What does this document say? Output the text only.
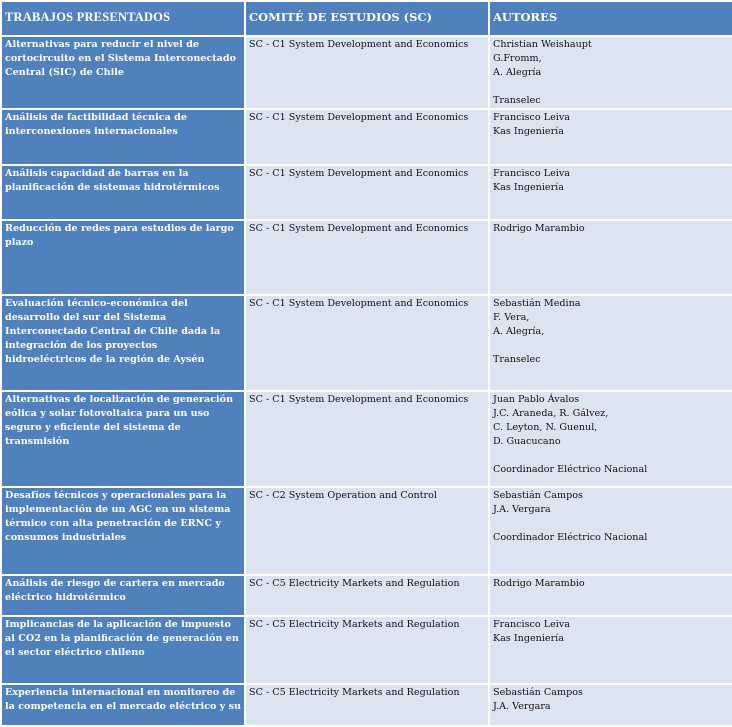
TRABAJOS PRESENTADOS	COMITÉ DE ESTUDIOS (SC)	AUTORES
Alternativas para reducir el nivel de cortocircuito en el Sistema Interconectado Central (SIC) de Chile	SC - C1 System Development and Economics	Christian Weishaupt
G.Fromm,
A. Alegría
Transelec

Análisis de factibilidad técnica de interconexiones internacionales	SC - C1 System Development and Economics	Francisco Leiva
Kas Ingeniería

Análisis capacidad de barras en la planificación de sistemas hidrotérmicos	SC - C1 System Development and Economics	Francisco Leiva
Kas Ingeniería

Reducción de redes para estudios de largo plazo	SC - C1 System Development and Economics	Rodrigo Marambio

Evaluación técnico-económica del desarrollo del sur del Sistema Interconectado Central de Chile dada la integración de los proyectos hidroeléctricos de la región de Aysén	SC - C1 System Development and Economics	Sebastián Medina
F. Vera,
A. Alegría,
Transelec

Alternativas de localización de generación eólica y solar fotovoltaica para un uso seguro y eficiente del sistema de transmisión	SC - C1 System Development and Economics	Juan Pablo Ávalos
J.C. Araneda, R. Gálvez,
C. Leyton, N. Guenul,
D. Guacucano
Coordinador Eléctrico Nacional

Desafíos técnicos y operacionales para la implementación de un AGC en un sistema térmico con alta penetración de ERNC y consumos industriales	SC - C2 System Operation and Control	Sebastián Campos
J.A. Vergara
Coordinador Eléctrico Nacional

Análisis de riesgo de cartera en mercado eléctrico hidrotérmico	SC - C5 Electricity Markets and Regulation	Rodrigo Marambio

Implicancias de la aplicación de impuesto al CO2 en la planificación de generación en el sector eléctrico chileno	SC - C5 Electricity Markets and Regulation	Francisco Leiva
Kas Ingeniería

Experiencia internacional en monitoreo de la competencia en el mercado eléctrico y su	SC - C5 Electricity Markets and Regulation	Sebastián Campos
J.A. Vergara
